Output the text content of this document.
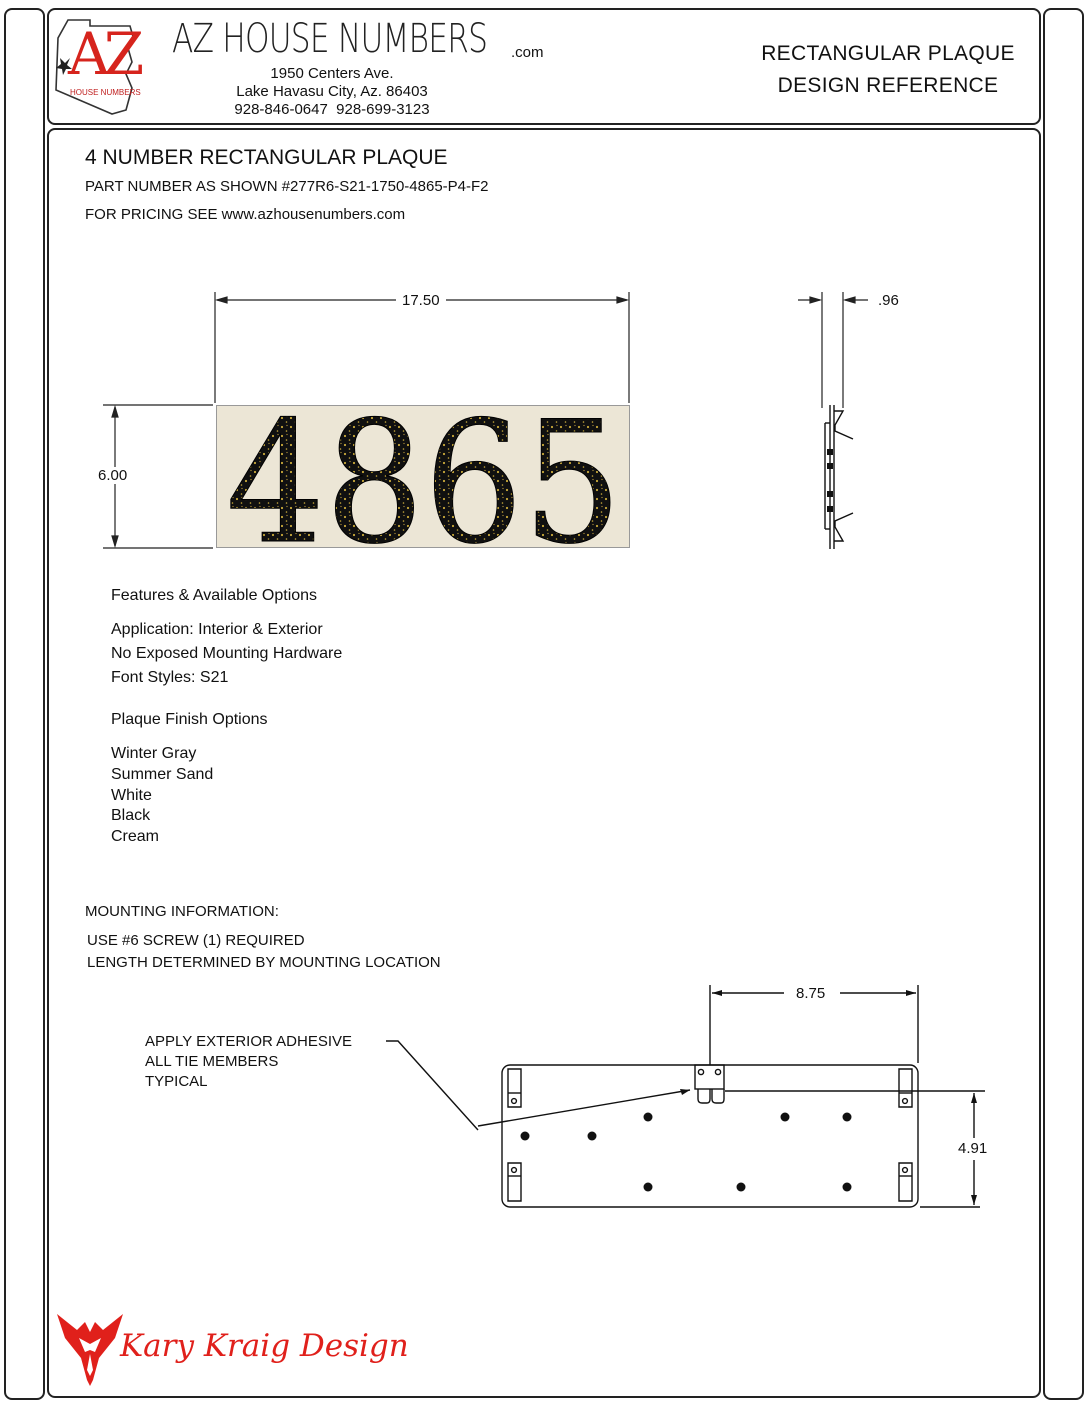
AZ
HOUSE NUMBERS
AZ HOUSE NUMBERS .com
1950 Centers Ave.
Lake Havasu City, Az. 86403
928-846-0647  928-699-3123
RECTANGULAR PLAQUE
DESIGN REFERENCE
4 NUMBER RECTANGULAR PLAQUE
PART NUMBER AS SHOWN #277R6-S21-1750-4865-P4-F2
FOR PRICING SEE www.azhousenumbers.com
17.50
6.00
.96
4865
Features & Available Options
Application: Interior & Exterior
No Exposed Mounting Hardware
Font Styles: S21
Plaque Finish Options
Winter Gray
Summer Sand
White
Black
Cream
MOUNTING INFORMATION:
USE #6 SCREW (1) REQUIRED
LENGTH DETERMINED BY MOUNTING LOCATION
APPLY EXTERIOR ADHESIVE
ALL TIE MEMBERS
TYPICAL
8.75
4.91
Kary Kraig Design
